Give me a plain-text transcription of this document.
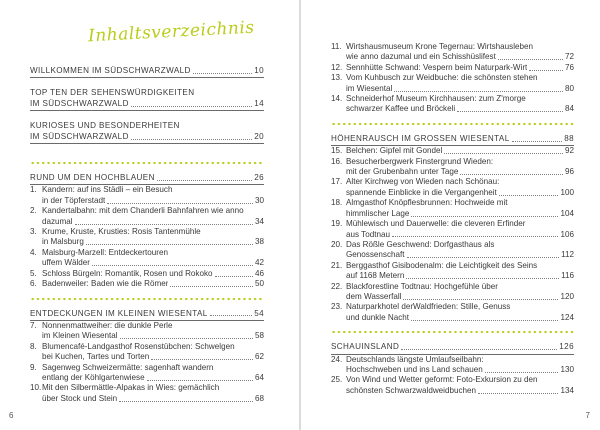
Inhaltsverzeichnis
WILLKOMMEN IM SÜDSCHWARZWALD	10
TOP TEN DER SEHENSWÜRDIGKEITEN
IM SÜDSCHWARZWALD	14
KURIOSES UND BESONDERHEITEN
IM SÜDSCHWARZWALD	20
RUND UM DEN HOCHBLAUEN	26
1. Kandern: auf ins Städli – ein Besuch
in der Töpferstadt	30
2. Kandertalbahn: mit dem Chanderli Bahnfahren wie anno
dazumal	34
3. Krume, Kruste, Krusties: Rosis Tantenmühle
in Malsburg	38
4. Malsburg-Marzell: Entdeckertouren
uffem Wälder	42
5. Schloss Bürgeln: Romantik, Rosen und Rokoko	46
6. Badenweiler: Baden wie die Römer	50
ENTDECKUNGEN IM KLEINEN WIESENTAL	54
7. Nonnenmattweiher: die dunkle Perle
im Kleinen Wiesental	58
8. Blumencafé-Landgasthof Rosenstübchen: Schwelgen
bei Kuchen, Tartes und Torten	62
9. Sagenweg Schweizermätte: sagenhaft wandern
entlang der Köhlgartenwiese	64
10. Mit den Silbermättle-Alpakas in Wies: gemächlich
über Stock und Stein	68
6
11. Wirtshausmuseum Krone Tegernau: Wirtshausleben
wie anno dazumal und ein Schisshüslifest	72
12. Sennhütte Schwand: Vespern beim Naturpark-Wirt	76
13. Vom Kuhbusch zur Weidbuche: die schönsten stehen
im Wiesental	80
14. Schneiderhof Museum Kirchhausen: zum Z'morge
schwarzer Kaffee und Bröckeli	84
HÖHENRAUSCH IM GROSSEN WIESENTAL	88
15. Belchen: Gipfel mit Gondel	92
16. Besucherbergwerk Finstergrund Wieden:
mit der Grubenbahn unter Tage	96
17. Alter Kirchweg von Wieden nach Schönau:
spannende Einblicke in die Vergangenheit	100
18. Almgasthof Knöpflesbrunnen: Hochweide mit
himmlischer Lage	104
19. Mühlewisch und Dauerwelle: die cleveren Erfinder
aus Todtnau	106
20. Das Rößle Geschwend: Dorfgasthaus als
Genossenschaft	112
21. Berggasthof Gisibodenalm: die Leichtigkeit des Seins
auf 1168 Metern	116
22. Blackforestline Todtnau: Hochgefühle über
dem Wasserfall	120
23. Naturparkhotel derWaldfrieden: Stille, Genuss
und dunkle Nacht	124
SCHAUINSLAND	126
24. Deutschlands längste Umlaufseilbahn:
Hochschweben und ins Land schauen	130
25. Von Wind und Wetter geformt: Foto-Exkursion zu den
schönsten Schwarzwaldweidbuchen	134
7
